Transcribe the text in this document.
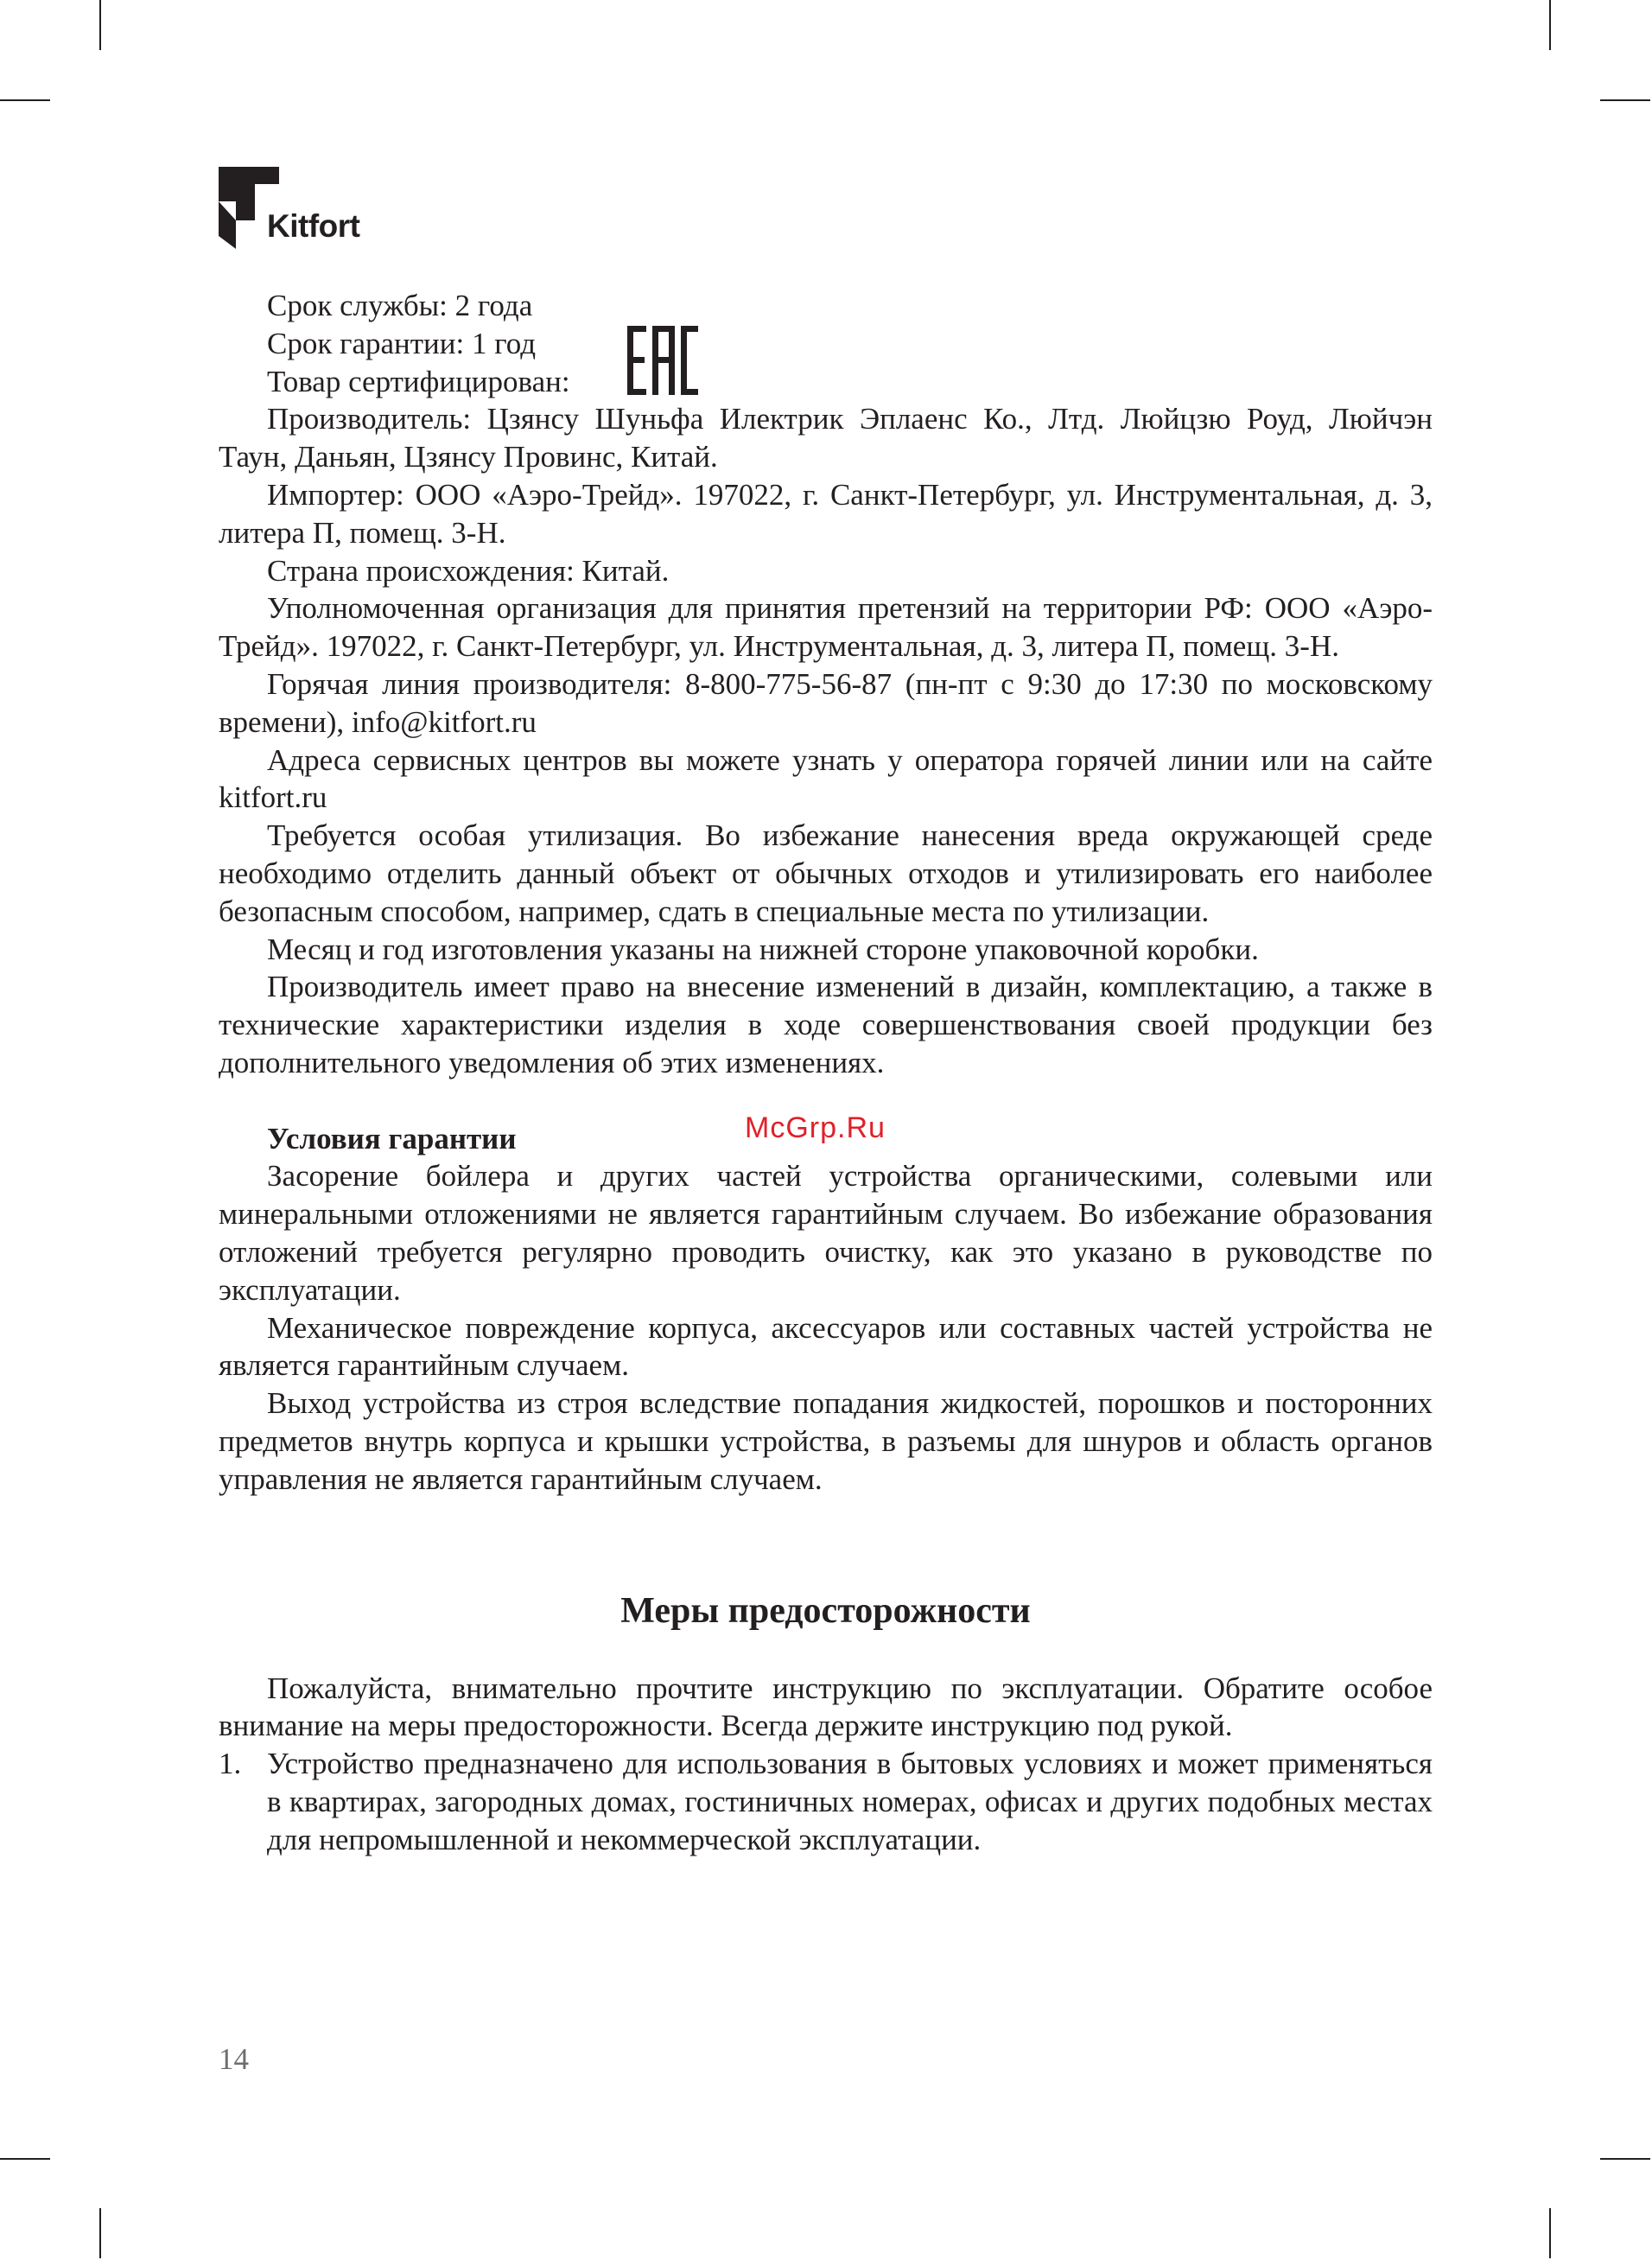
Kitfort

Срок службы: 2 года

Срок гарантии: 1 год

Товар сертифицирован:

Производитель: Цзянсу Шуньфа Илектрик Эплаенс Ко., Лтд. Люйцзю Роуд, Люйчэн Таун, Даньян, Цзянсу Провинс, Китай.

Импортер: ООО «Аэро-Трейд». 197022, г. Санкт-Петербург, ул. Инструментальная, д. 3, литера П, помещ. 3-Н.

Страна происхождения: Китай.

Уполномоченная организация для принятия претензий на территории РФ: ООО «Аэро-Трейд». 197022, г. Санкт-Петербург, ул. Инструментальная, д. 3, литера П, помещ. 3-Н.

Горячая линия производителя: 8-800-775-56-87 (пн-пт с 9:30 до 17:30 по московскому времени), info@kitfort.ru

Адреса сервисных центров вы можете узнать у оператора горячей линии или на сайте kitfort.ru

Требуется особая утилизация. Во избежание нанесения вреда окружающей среде необходимо отделить данный объект от обычных отходов и утилизировать его наиболее безопасным способом, например, сдать в специальные места по утилизации.

Месяц и год изготовления указаны на нижней стороне упаковочной коробки.

Производитель имеет право на внесение изменений в дизайн, комплектацию, а также в технические характеристики изделия в ходе совершенствования своей продукции без дополнительного уведомления об этих изменениях.

Условия гарантии

Засорение бойлера и других частей устройства органическими, солевыми или минеральными отложениями не является гарантийным случаем. Во избежание образования отложений требуется регулярно проводить очистку, как это указано в руководстве по эксплуатации.

Механическое повреждение корпуса, аксессуаров или составных частей устройства не является гарантийным случаем.

Выход устройства из строя вследствие попадания жидкостей, порошков и посторонних предметов внутрь корпуса и крышки устройства, в разъемы для шнуров и область органов управления не является гарантийным случаем.

Меры предосторожности

Пожалуйста, внимательно прочтите инструкцию по эксплуатации. Обратите особое внимание на меры предосторожности. Всегда держите инструкцию под рукой.

1. Устройство предназначено для использования в бытовых условиях и может применяться в квартирах, загородных домах, гостиничных номерах, офисах и других подобных местах для непромышленной и некоммерческой эксплуатации.
McGrp.Ru
14
